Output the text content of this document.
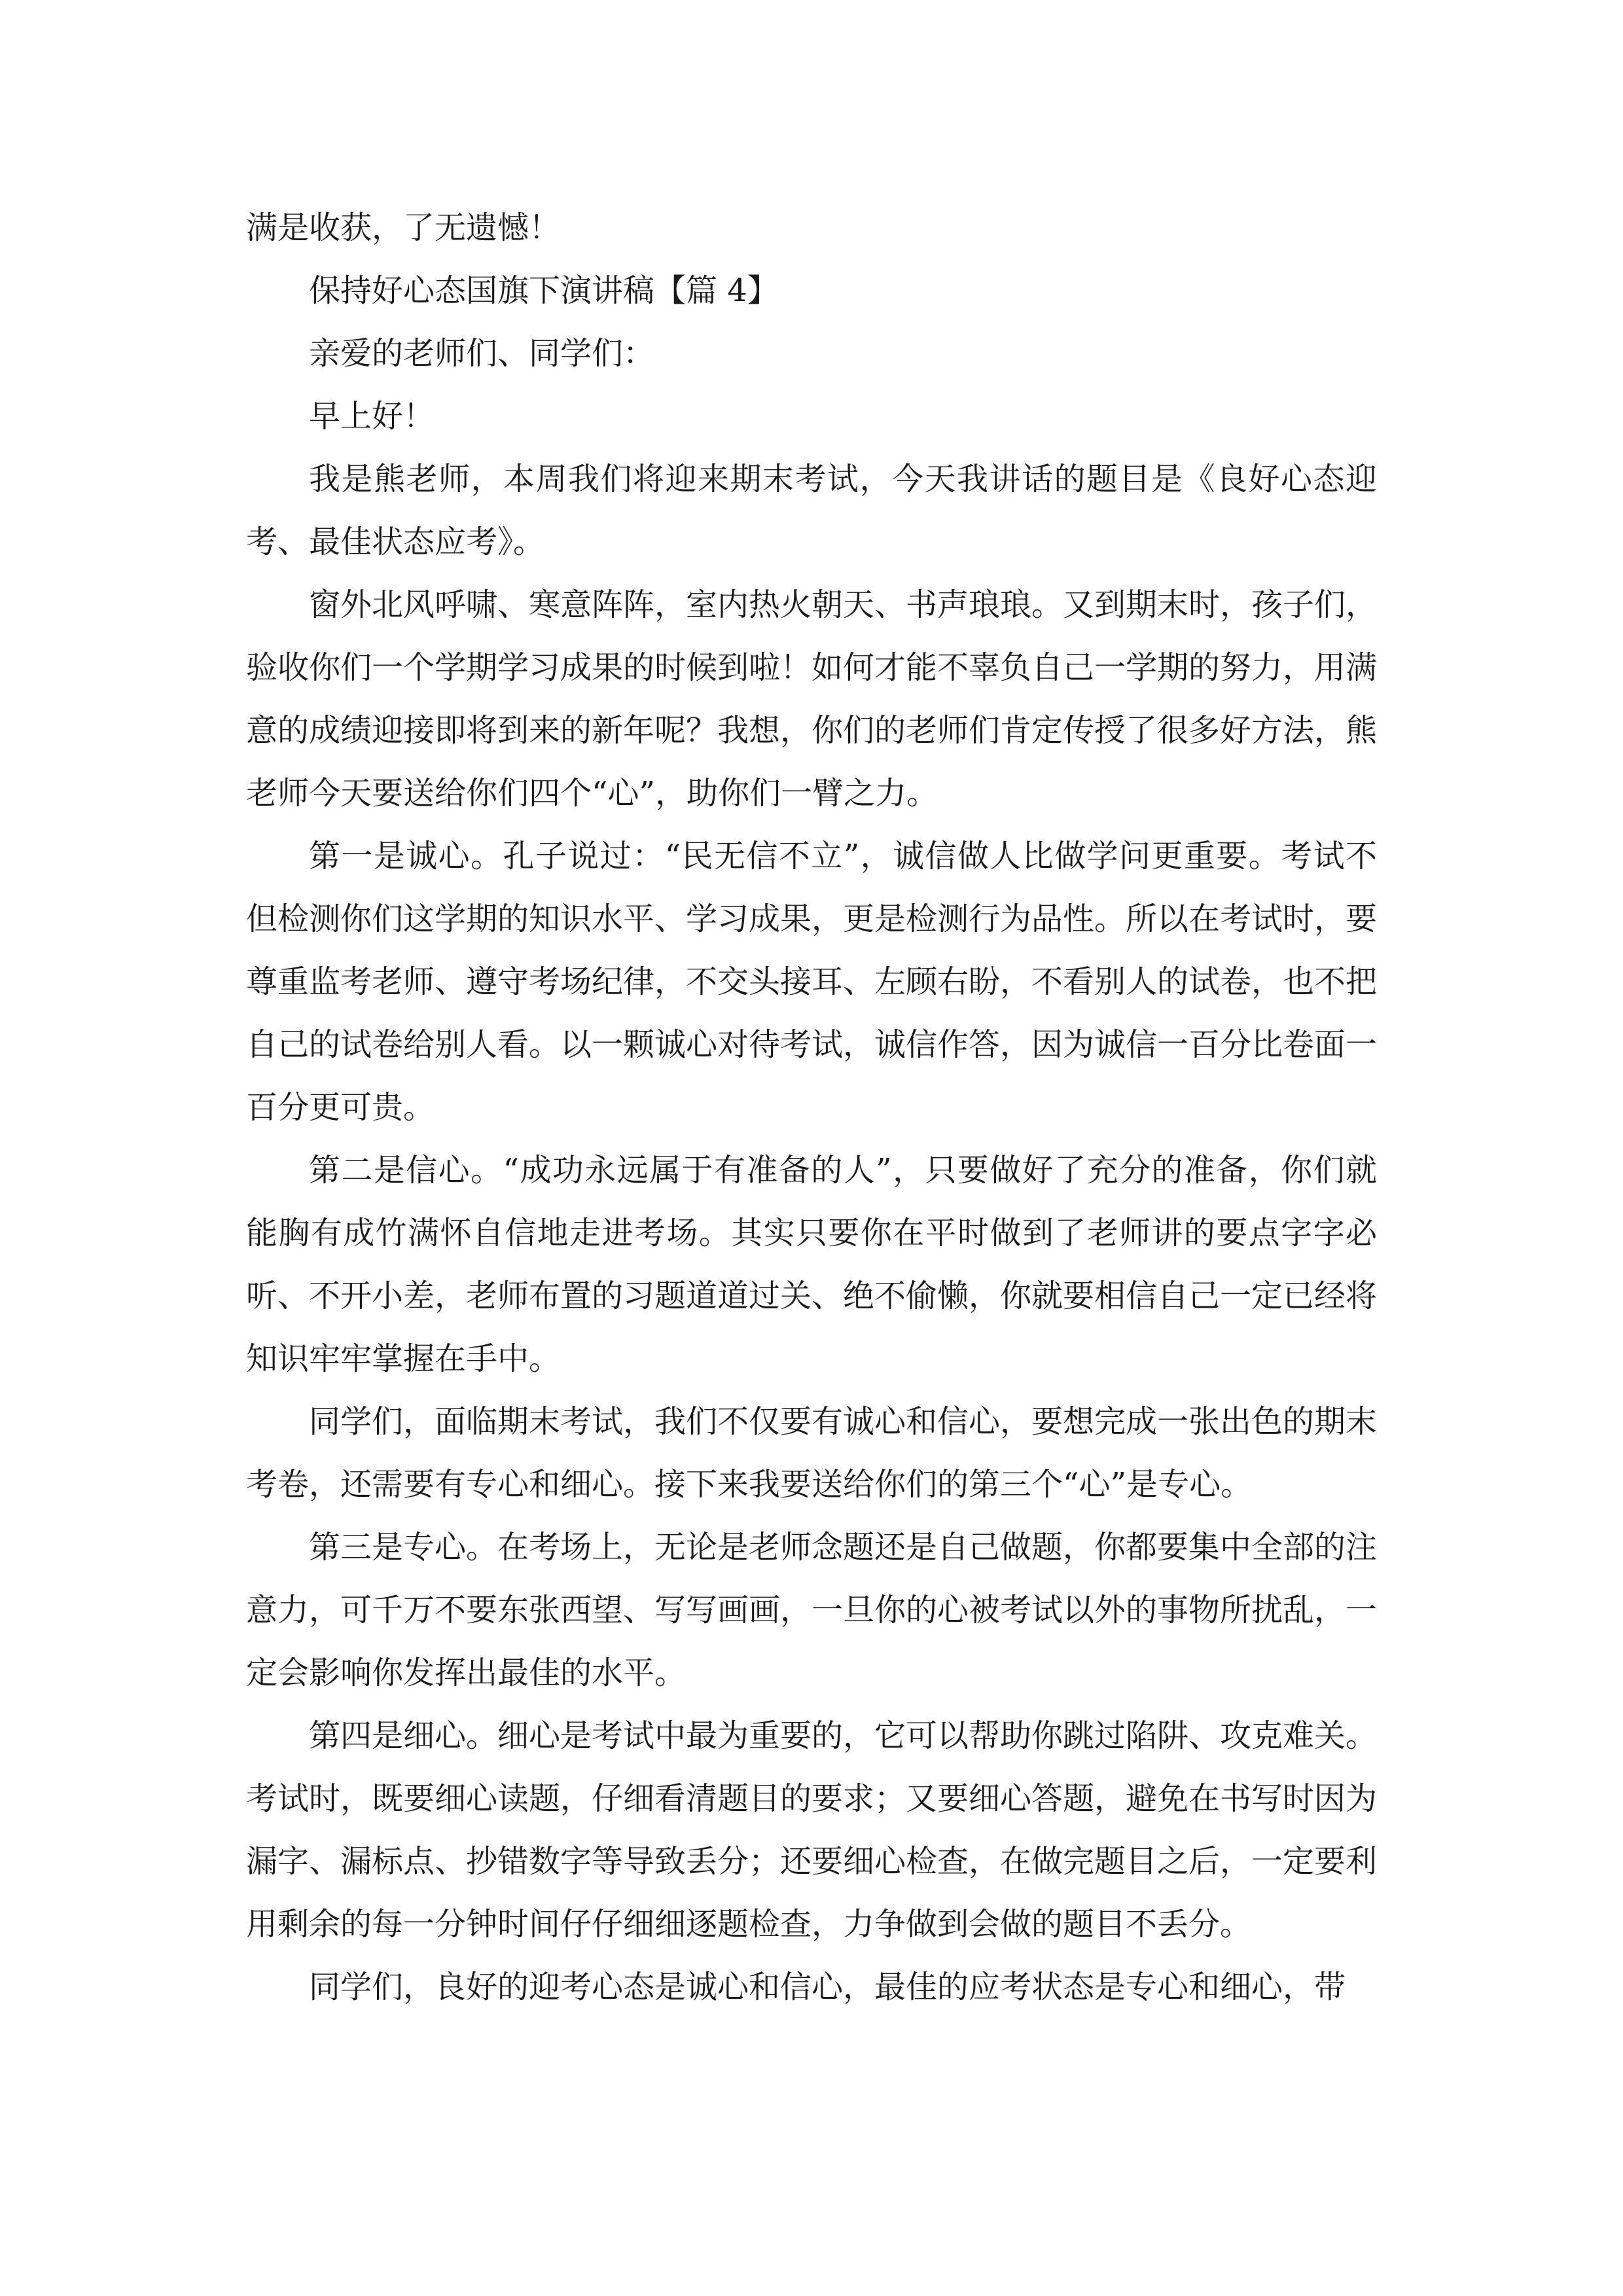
满是收获，了无遗憾！

保持好心态国旗下演讲稿【篇 4】

亲爱的老师们、同学们：

早上好！

我是熊老师，本周我们将迎来期末考试，今天我讲话的题目是《良好心态迎考、最佳状态应考》。

窗外北风呼啸、寒意阵阵，室内热火朝天、书声琅琅。又到期末时，孩子们，验收你们一个学期学习成果的时候到啦！如何才能不辜负自己一学期的努力，用满意的成绩迎接即将到来的新年呢？我想，你们的老师们肯定传授了很多好方法，熊老师今天要送给你们四个“心”，助你们一臂之力。

第一是诚心。孔子说过：“民无信不立”，诚信做人比做学问更重要。考试不但检测你们这学期的知识水平、学习成果，更是检测行为品性。所以在考试时，要尊重监考老师、遵守考场纪律，不交头接耳、左顾右盼，不看别人的试卷，也不把自己的试卷给别人看。以一颗诚心对待考试，诚信作答，因为诚信一百分比卷面一百分更可贵。

第二是信心。“成功永远属于有准备的人”，只要做好了充分的准备，你们就能胸有成竹满怀自信地走进考场。其实只要你在平时做到了老师讲的要点字字必听、不开小差，老师布置的习题道道过关、绝不偷懒，你就要相信自己一定已经将知识牢牢掌握在手中。

同学们，面临期末考试，我们不仅要有诚心和信心，要想完成一张出色的期末考卷，还需要有专心和细心。接下来我要送给你们的第三个“心”是专心。

第三是专心。在考场上，无论是老师念题还是自己做题，你都要集中全部的注意力，可千万不要东张西望、写写画画，一旦你的心被考试以外的事物所扰乱，一定会影响你发挥出最佳的水平。

第四是细心。细心是考试中最为重要的，它可以帮助你跳过陷阱、攻克难关。考试时，既要细心读题，仔细看清题目的要求；又要细心答题，避免在书写时因为漏字、漏标点、抄错数字等导致丢分；还要细心检查，在做完题目之后，一定要利用剩余的每一分钟时间仔仔细细逐题检查，力争做到会做的题目不丢分。

同学们，良好的迎考心态是诚心和信心，最佳的应考状态是专心和细心，带
